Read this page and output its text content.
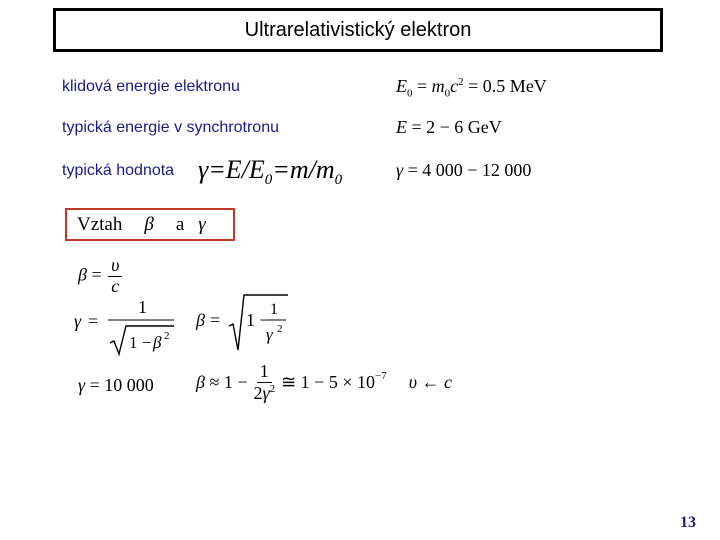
Ultrarelativistický elektron
klidová energie elektronu	$E_0 = m_0c^2 = 0.5$ MeV
typická energie v synchrotronu	E = 2 − 6 GeV
typická hodnota $\gamma=E/E_0=m/m_0$
γ = 4 000 − 12 000
Vztah β a γ
$\beta = \frac{\upsilon}{c}$
γ =
1
1 − β 2
β = 1 −
1
γ 2
γ = 10 000 $\beta \approx 1 - \frac{1}{2\gamma^2}$ ≅ $1 - 5 \times 10^{-7}$ υ ← c
13
